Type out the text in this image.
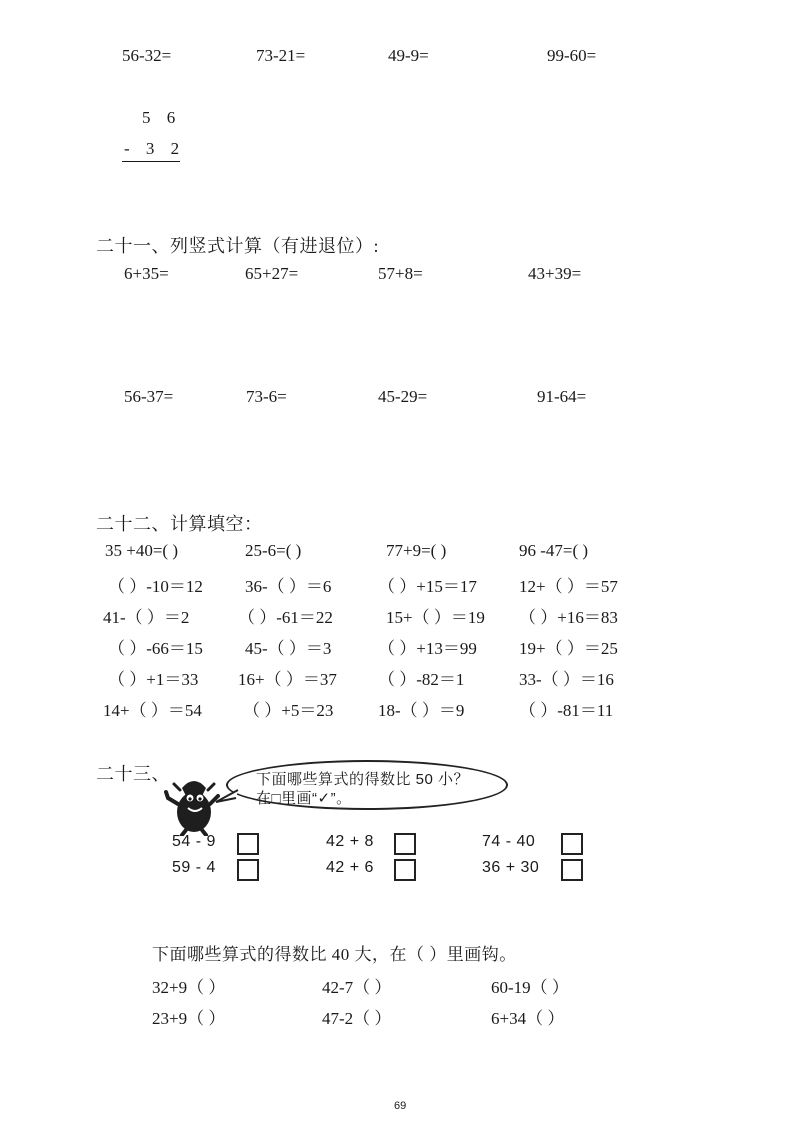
56-32=	73-21=	49-9=	99-60=
5 6
- 3 2
二十一、列竖式计算（有进退位）:
6+35=	65+27=	57+8=	43+39=
56-37=	73-6=	45-29=	91-64=
二十二、计算填空：
35 +40=( )	25-6=( )	77+9=( )	96 -47=( )
（ ）-10＝12 36-（ ）＝6	（ ）+15＝17 12+（ ）＝57
41-（ ）＝2	（ ）-61＝22	15+（ ）＝19 （ ）+16＝83
（ ）-66＝15 45-（ ）＝3	（ ）+13＝99 19+（ ）＝25
（ ）+1＝33 16+（ ）＝37 （ ）-82＝1	33-（ ）＝16
14+（ ）＝54 （ ）+5＝23	18-（ ）＝9	（ ）-81＝11
二十三、	下面哪些算式的得数比 50 小？
在□里画“✓”。
54 - 9	42 + 8	74 - 40
59 - 4	42 + 6	36 + 30
下面哪些算式的得数比 40 大，在（ ）里画钩。
32+9（ ）	42-7（ ）	60-19（ ）
23+9（ ）	47-2（ ）	6+34（ ）
69
